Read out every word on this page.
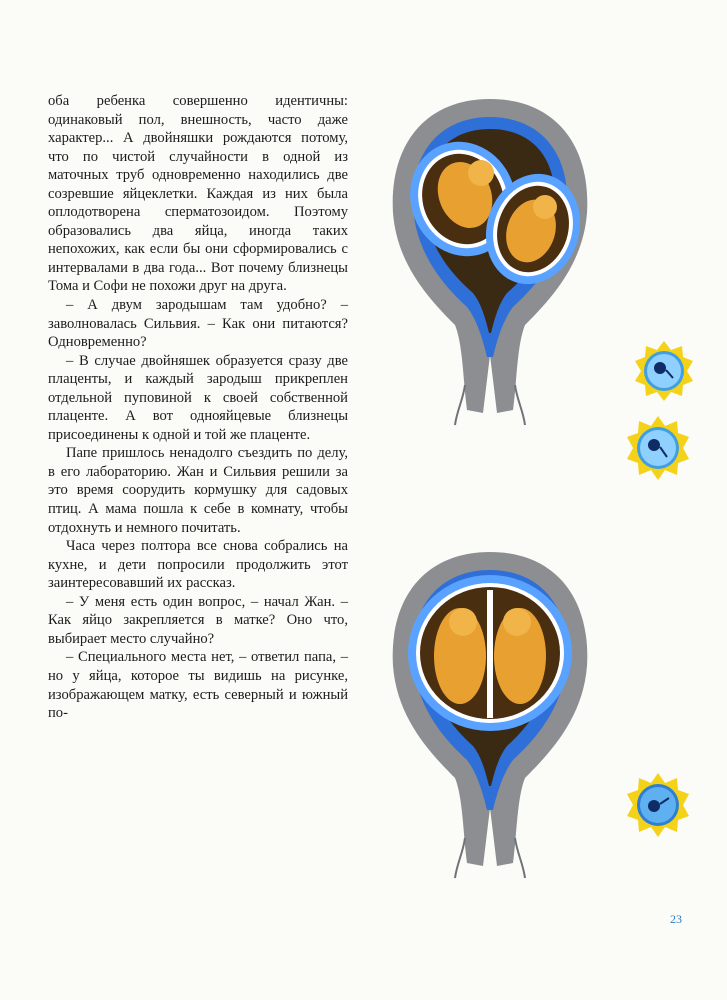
оба ребенка совершенно идентичны: одинаковый пол, внешность, часто даже характер... А двойняшки рождаются потому, что по чистой случайности в одной из маточных труб одновременно находились две созревшие яйцеклетки. Каждая из них была оплодотворена сперматозоидом. Поэтому образовались два яйца, иногда таких непохожих, как если бы они сформировались с интервалами в два года... Вот почему близнецы Тома и Софи не похожи друг на друга.

– А двум зародышам там удобно? – заволновалась Сильвия. – Как они питаются? Одновременно?

– В случае двойняшек образуется сразу две плаценты, и каждый зародыш прикреплен отдельной пуповиной к своей собственной плаценте. А вот однояйцевые близнецы присоединены к одной и той же плаценте.

Папе пришлось ненадолго съездить по делу, в его лабораторию. Жан и Сильвия решили за это время соорудить кормушку для садовых птиц. А мама пошла к себе в комнату, чтобы отдохнуть и немного почитать.

Часа через полтора все снова собрались на кухне, и дети попросили продолжить этот заинтересовавший их рассказ.

– У меня есть один вопрос, – начал Жан. – Как яйцо закрепляется в матке? Оно что, выбирает место случайно?

– Специального места нет, – ответил папа, – но у яйца, которое ты видишь на рисунке, изображающем матку, есть северный и южный по-

23
